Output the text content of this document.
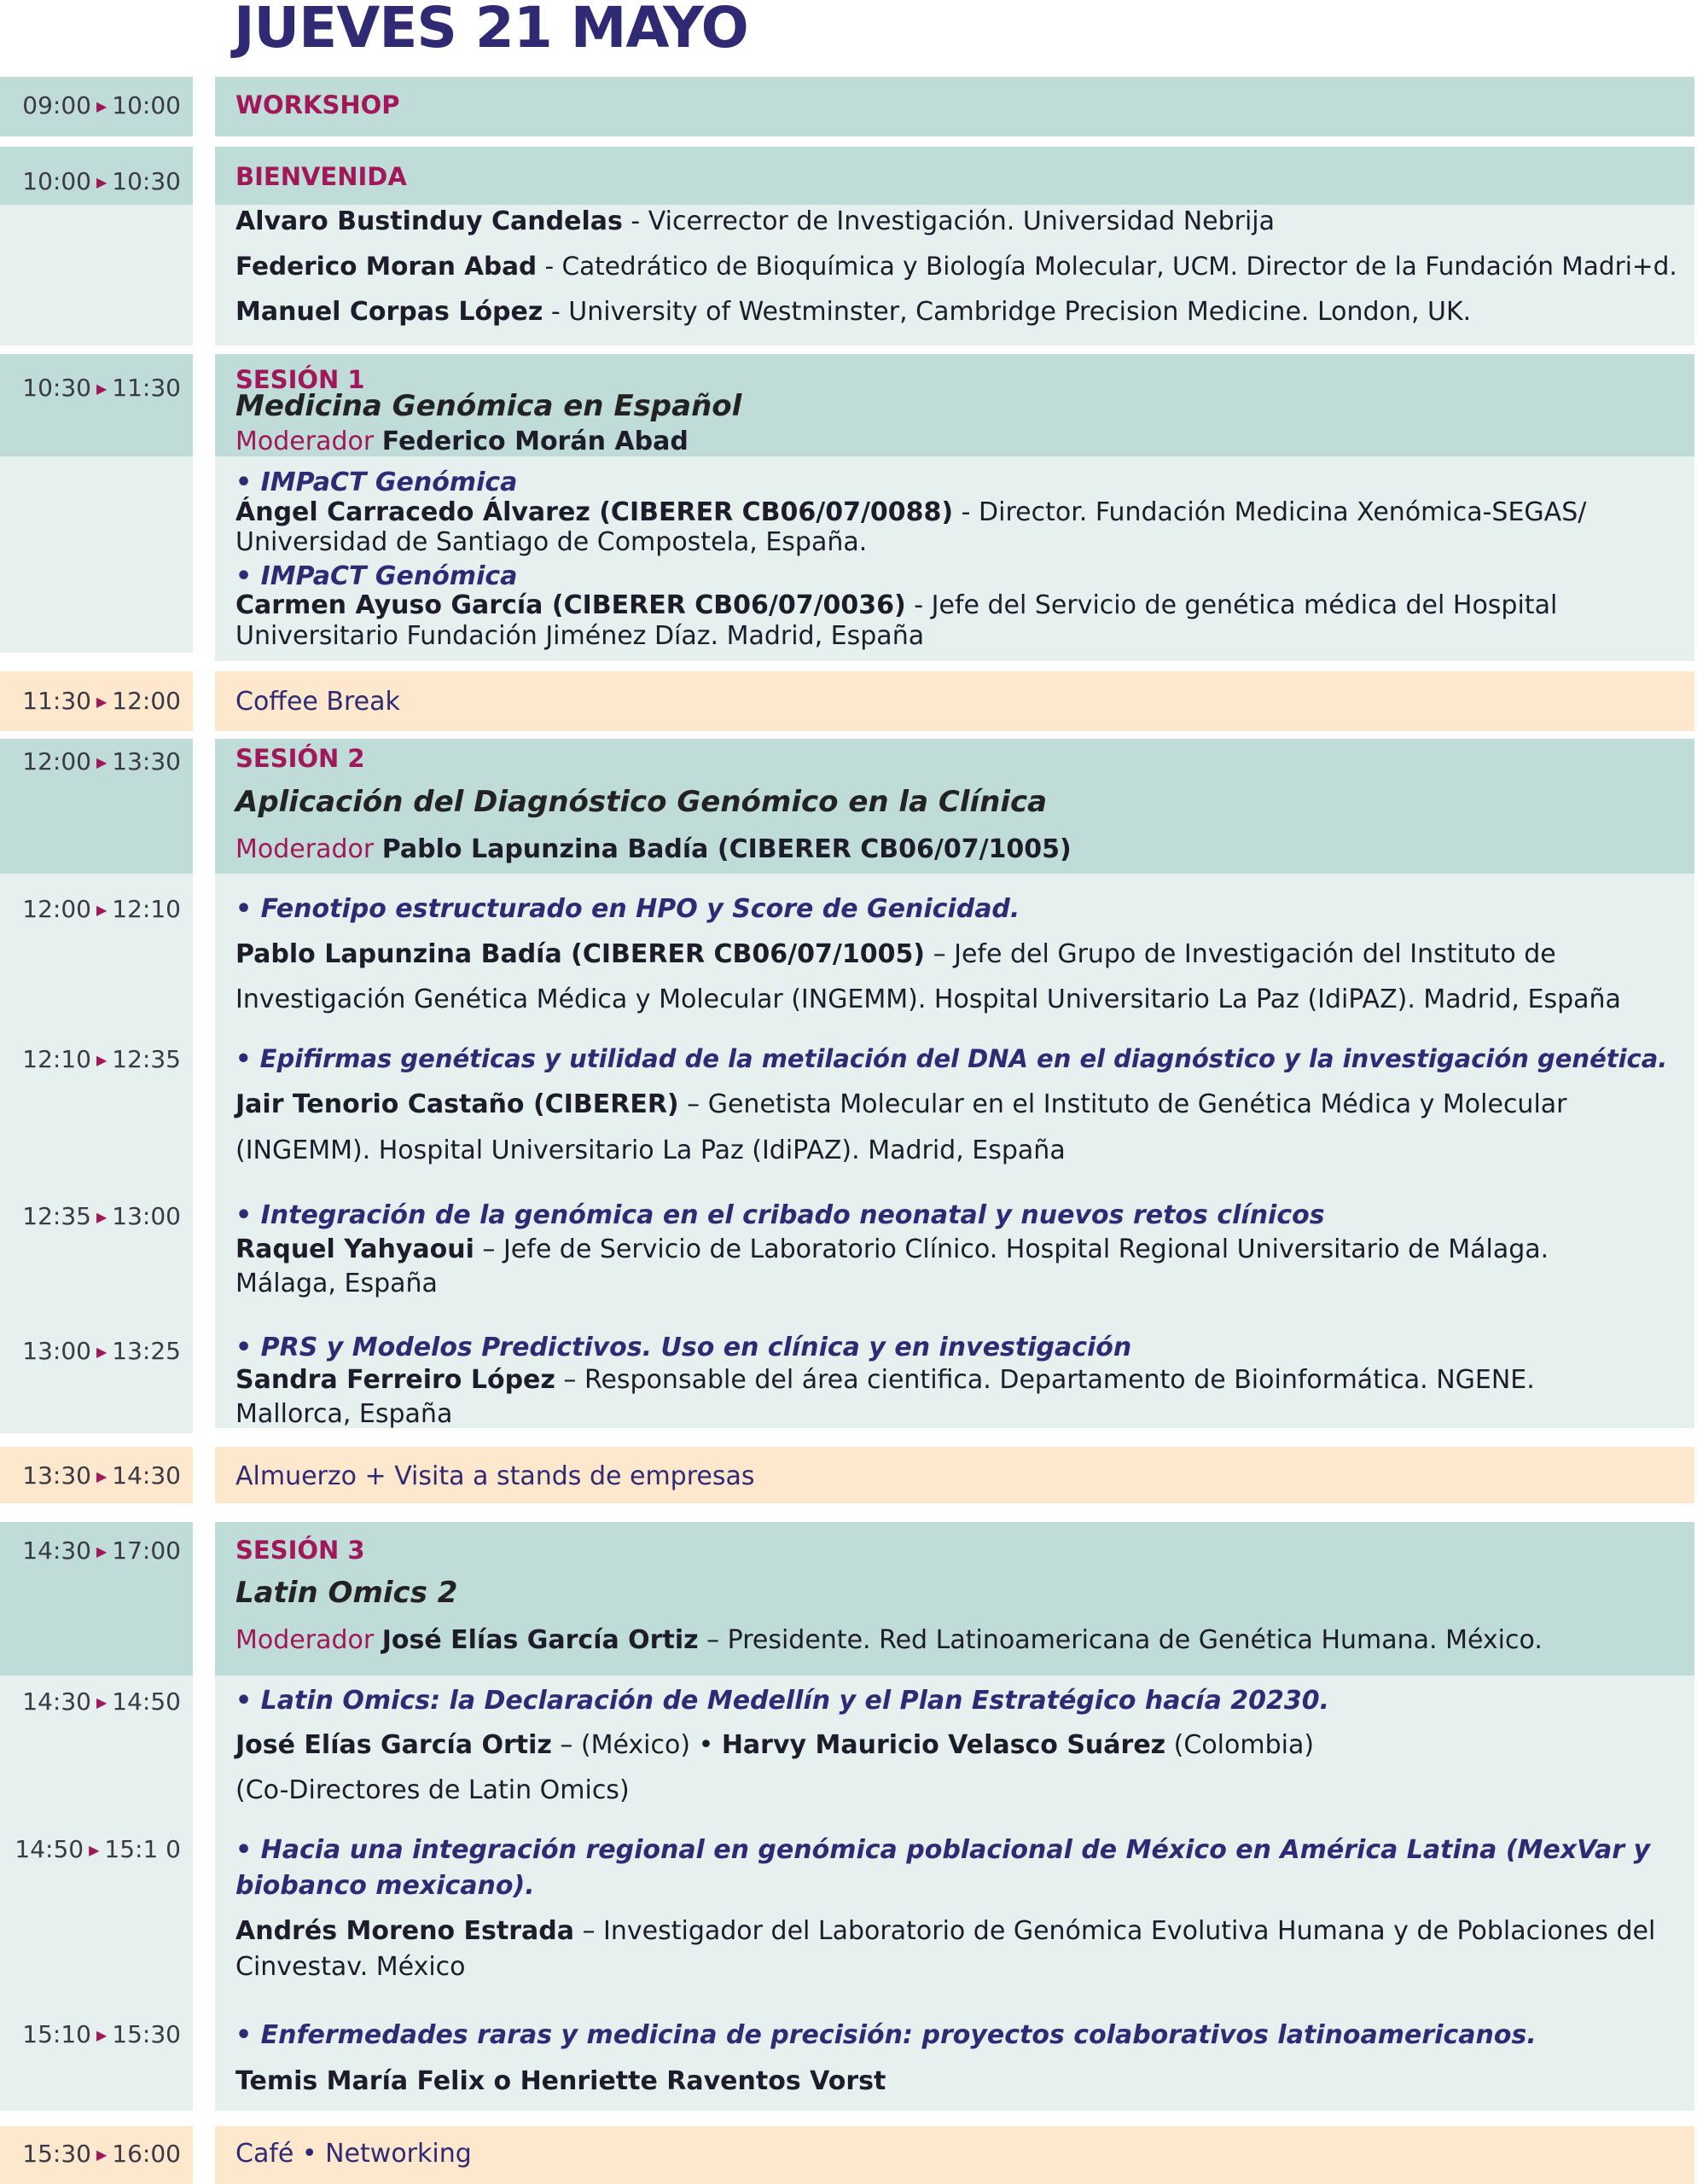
JUEVES 21 MAYO
09:00 ▶ 10:00 WORKSHOP
10:00 ▶ 10:30 BIENVENIDA
Alvaro Bustinduy Candelas - Vicerrector de Investigación. Universidad Nebrija
Federico Moran Abad - Catedrático de Bioquímica y Biología Molecular, UCM. Director de la Fundación Madri+d.
Manuel Corpas López - University of Westminster, Cambridge Precision Medicine. London, UK.
10:30 ▶ 11:30 SESIÓN 1
Medicina Genómica en Español
Moderador Federico Morán Abad
• IMPaCT Genómica
Ángel Carracedo Álvarez (CIBERER CB06/07/0088) - Director. Fundación Medicina Xenómica-SEGAS/
Universidad de Santiago de Compostela, España.
• IMPaCT Genómica
Carmen Ayuso García (CIBERER CB06/07/0036) - Jefe del Servicio de genética médica del Hospital
Universitario Fundación Jiménez Díaz. Madrid, España
11:30 ▶ 12:00 Coffee Break
12:00 ▶ 13:30 SESIÓN 2
Aplicación del Diagnóstico Genómico en la Clínica
Moderador Pablo Lapunzina Badía (CIBERER CB06/07/1005)
12:00 ▶ 12:10 • Fenotipo estructurado en HPO y Score de Genicidad.
Pablo Lapunzina Badía (CIBERER CB06/07/1005) – Jefe del Grupo de Investigación del Instituto de
Investigación Genética Médica y Molecular (INGEMM). Hospital Universitario La Paz (IdiPAZ). Madrid, España
12:10 ▶ 12:35 • Epifirmas genéticas y utilidad de la metilación del DNA en el diagnóstico y la investigación genética.
Jair Tenorio Castaño (CIBERER) – Genetista Molecular en el Instituto de Genética Médica y Molecular
(INGEMM). Hospital Universitario La Paz (IdiPAZ). Madrid, España
12:35 ▶ 13:00 • Integración de la genómica en el cribado neonatal y nuevos retos clínicos
Raquel Yahyaoui – Jefe de Servicio de Laboratorio Clínico. Hospital Regional Universitario de Málaga.
Málaga, España
13:00 ▶ 13:25 • PRS y Modelos Predictivos. Uso en clínica y en investigación
Sandra Ferreiro López – Responsable del área cientifica. Departamento de Bioinformática. NGENE.
Mallorca, España
13:30 ▶ 14:30 Almuerzo + Visita a stands de empresas
14:30 ▶ 17:00 SESIÓN 3
Latin Omics 2
Moderador José Elías García Ortiz – Presidente. Red Latinoamericana de Genética Humana. México.
14:30 ▶ 14:50 • Latin Omics: la Declaración de Medellín y el Plan Estratégico hacía 20230.
José Elías García Ortiz – (México) • Harvy Mauricio Velasco Suárez (Colombia)
(Co-Directores de Latin Omics)
14:50 ▶ 15:1 0 • Hacia una integración regional en genómica poblacional de México en América Latina (MexVar y
biobanco mexicano).
Andrés Moreno Estrada – Investigador del Laboratorio de Genómica Evolutiva Humana y de Poblaciones del
Cinvestav. México
15:10 ▶ 15:30 • Enfermedades raras y medicina de precisión: proyectos colaborativos latinoamericanos.
Temis María Felix o Henriette Raventos Vorst
15:30 ▶ 16:00 Café • Networking
